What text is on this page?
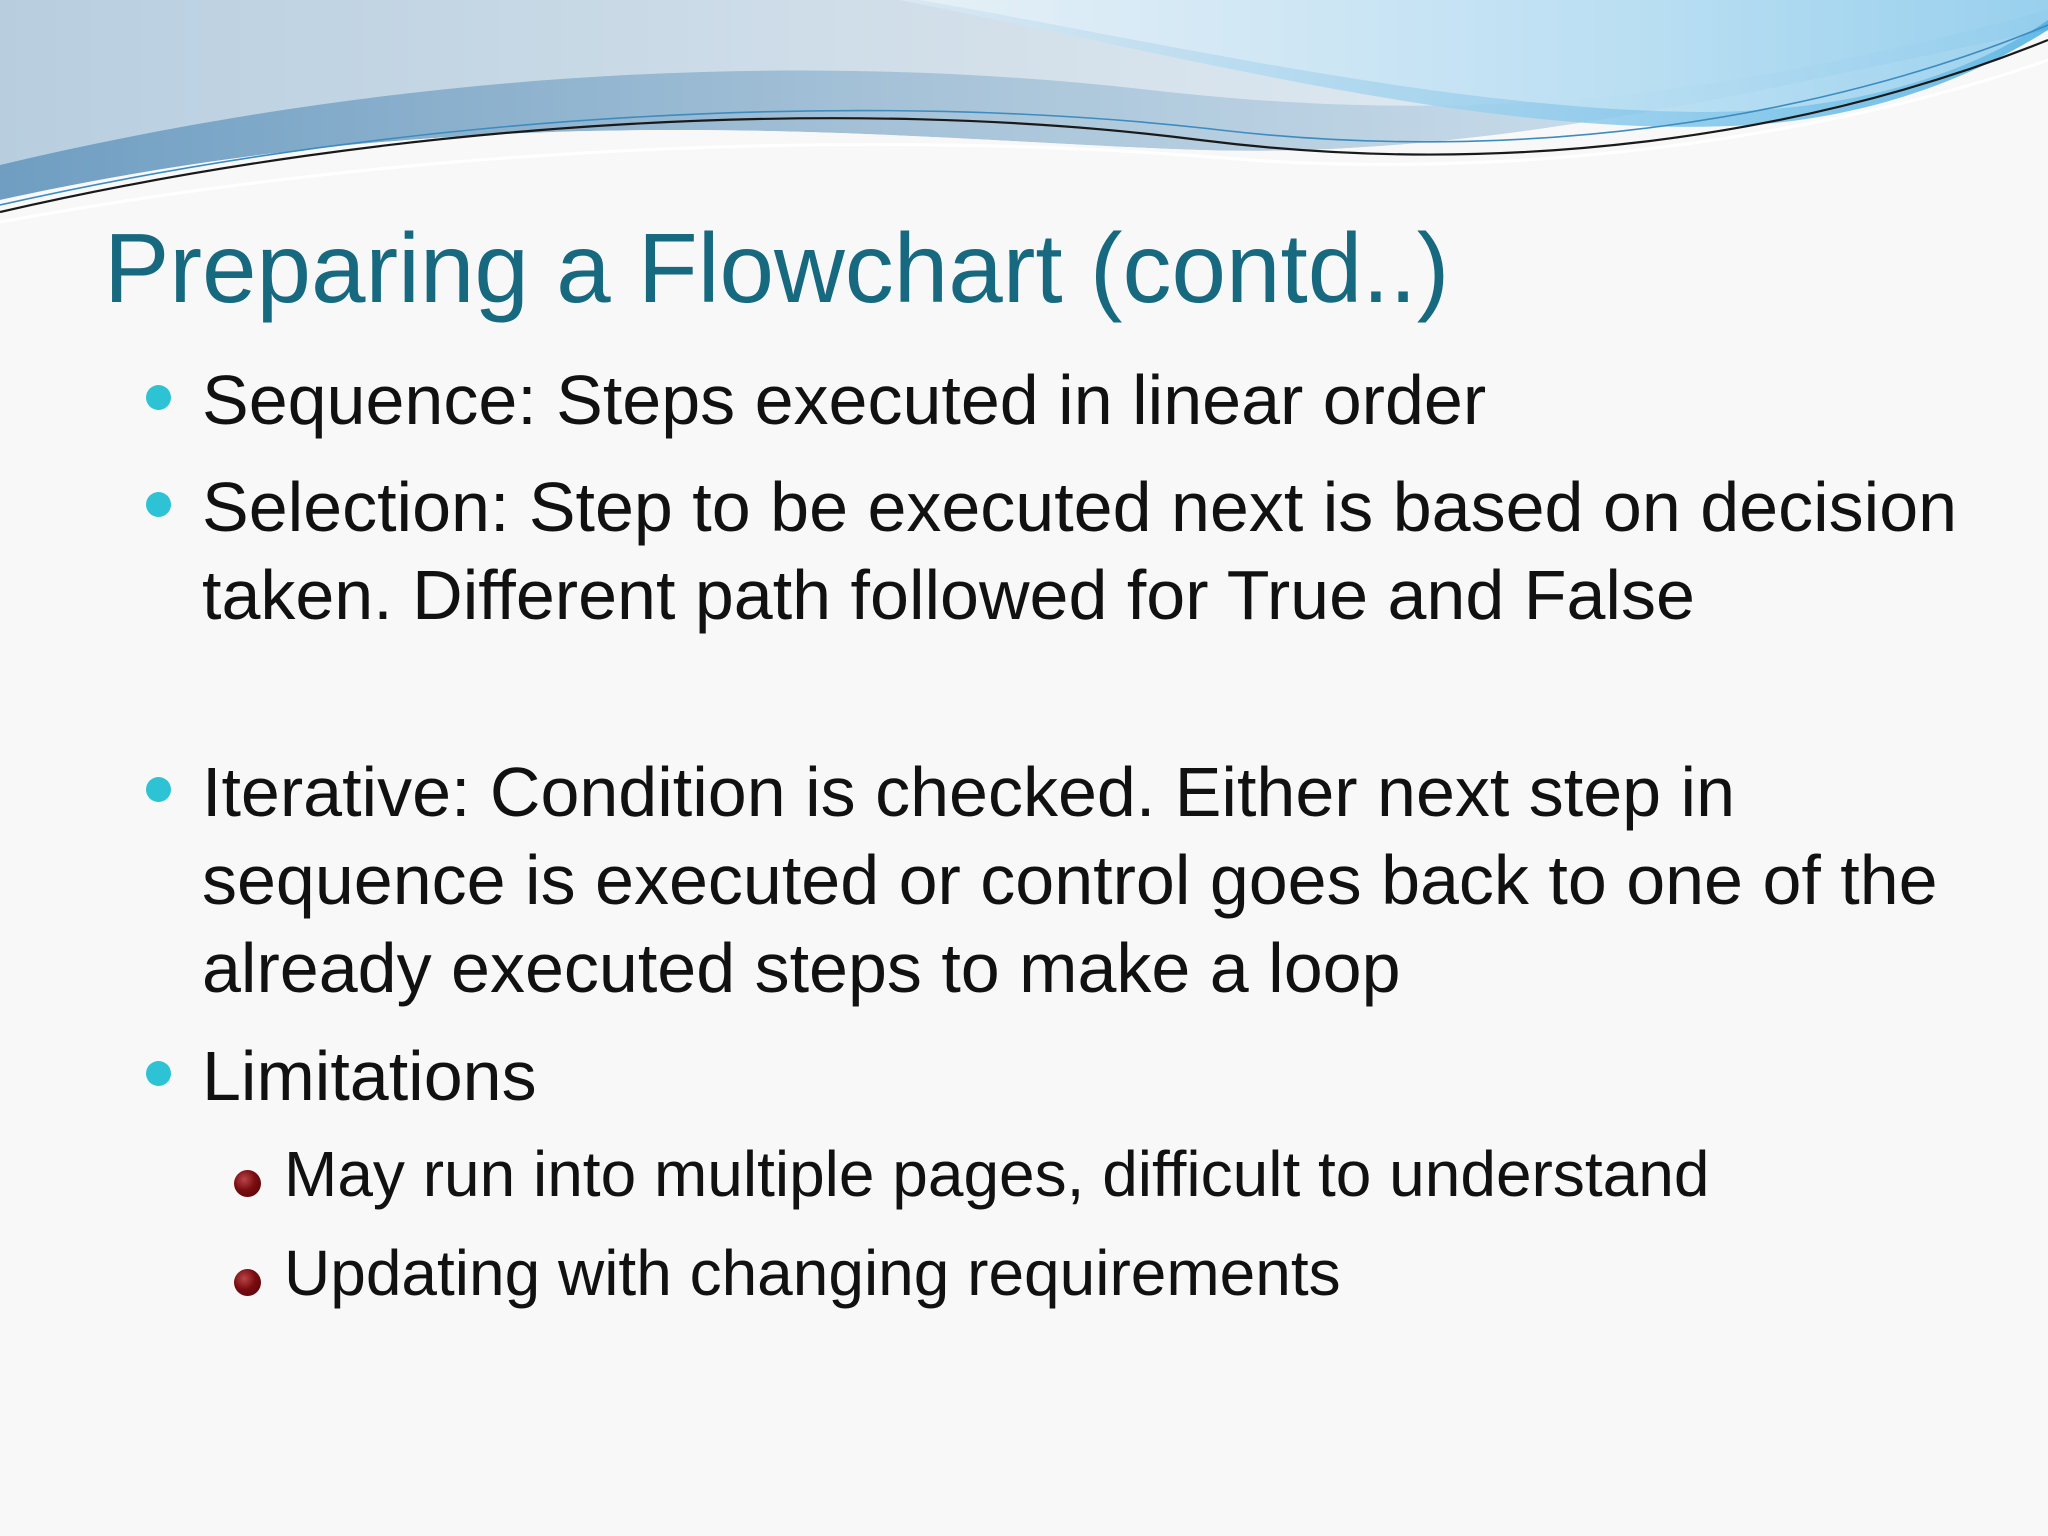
Preparing a Flowchart (contd..)
Sequence: Steps executed in linear order
Selection: Step to be executed next is based on decision taken. Different path followed for True and False
Iterative: Condition is checked. Either next step in sequence is executed or control goes back to one of the already executed steps to make a loop
Limitations
May run into multiple pages, difficult to understand
Updating with changing requirements
